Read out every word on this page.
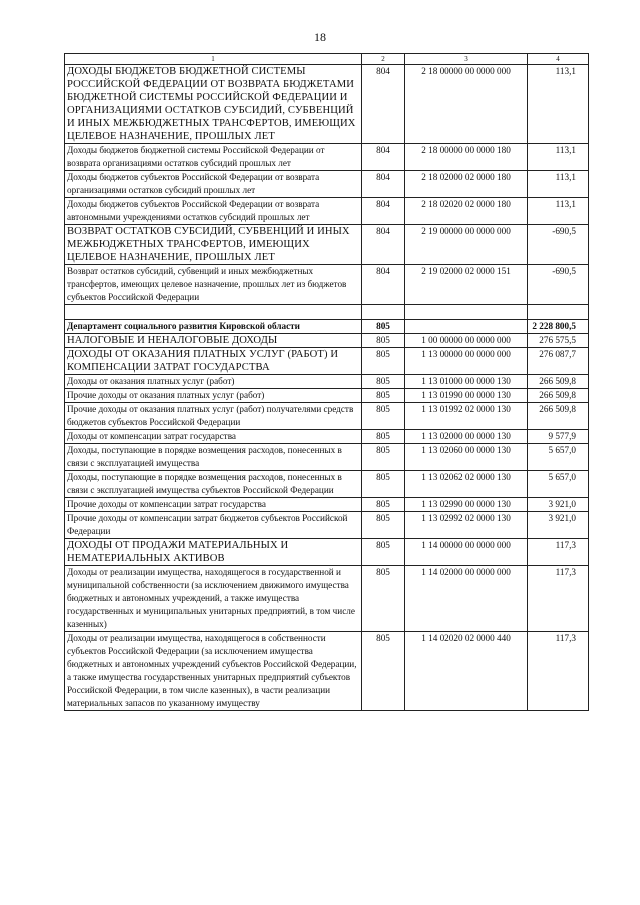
18
1	2	3	4
ДОХОДЫ БЮДЖЕТОВ БЮДЖЕТНОЙ СИСТЕМЫ РОССИЙСКОЙ ФЕДЕРАЦИИ ОТ ВОЗВРАТА БЮДЖЕТАМИ БЮДЖЕТНОЙ СИСТЕМЫ РОССИЙСКОЙ ФЕДЕРАЦИИ И ОРГАНИЗАЦИЯМИ ОСТАТКОВ СУБСИДИЙ, СУБВЕНЦИЙ И ИНЫХ МЕЖБЮДЖЕТНЫХ ТРАНСФЕРТОВ, ИМЕЮЩИХ ЦЕЛЕВОЕ НАЗНАЧЕНИЕ, ПРОШЛЫХ ЛЕТ	804	2 18 00000 00 0000 000	113,1
Доходы бюджетов бюджетной системы Российской Федерации от возврата организациями остатков субсидий прошлых лет	804	2 18 00000 00 0000 180	113,1
Доходы бюджетов субъектов Российской Федерации от возврата организациями остатков субсидий прошлых лет	804	2 18 02000 02 0000 180	113,1
Доходы бюджетов субъектов Российской Федерации от возврата автономными учреждениями остатков субсидий прошлых лет	804	2 18 02020 02 0000 180	113,1
ВОЗВРАТ ОСТАТКОВ СУБСИДИЙ, СУБВЕНЦИЙ И ИНЫХ МЕЖБЮДЖЕТНЫХ ТРАНСФЕРТОВ, ИМЕЮЩИХ ЦЕЛЕВОЕ НАЗНАЧЕНИЕ, ПРОШЛЫХ ЛЕТ	804	2 19 00000 00 0000 000	-690,5
Возврат остатков субсидий, субвенций и иных межбюджетных трансфертов, имеющих целевое назначение, прошлых лет из бюджетов субъектов Российской Федерации	804	2 19 02000 02 0000 151	-690,5

Департамент социального развития Кировской области	805		2 228 800,5
НАЛОГОВЫЕ И НЕНАЛОГОВЫЕ ДОХОДЫ	805	1 00 00000 00 0000 000	276 575,5
ДОХОДЫ ОТ ОКАЗАНИЯ ПЛАТНЫХ УСЛУГ (РАБОТ) И КОМПЕНСАЦИИ ЗАТРАТ ГОСУДАРСТВА	805	1 13 00000 00 0000 000	276 087,7
Доходы от оказания платных услуг (работ)	805	1 13 01000 00 0000 130	266 509,8
Прочие доходы от оказания платных услуг (работ)	805	1 13 01990 00 0000 130	266 509,8
Прочие доходы от оказания платных услуг (работ) получателями средств бюджетов субъектов Российской Федерации	805	1 13 01992 02 0000 130	266 509,8
Доходы от компенсации затрат государства	805	1 13 02000 00 0000 130	9 577,9
Доходы, поступающие в порядке возмещения расходов, понесенных в связи с эксплуатацией имущества	805	1 13 02060 00 0000 130	5 657,0
Доходы, поступающие в порядке возмещения расходов, понесенных в связи с эксплуатацией имущества субъектов Российской Федерации	805	1 13 02062 02 0000 130	5 657,0
Прочие доходы от компенсации затрат государства	805	1 13 02990 00 0000 130	3 921,0
Прочие доходы от компенсации затрат бюджетов субъектов Российской Федерации	805	1 13 02992 02 0000 130	3 921,0
ДОХОДЫ ОТ ПРОДАЖИ МАТЕРИАЛЬНЫХ И НЕМАТЕРИАЛЬНЫХ АКТИВОВ	805	1 14 00000 00 0000 000	117,3
Доходы от реализации имущества, находящегося в государственной и муниципальной собственности (за исключением движимого имущества бюджетных и автономных учреждений, а также имущества государственных и муниципальных унитарных предприятий, в том числе казенных)	805	1 14 02000 00 0000 000	117,3
Доходы от реализации имущества, находящегося в собственности субъектов Российской Федерации (за исключением имущества бюджетных и автономных учреждений субъектов Российской Федерации, а также имущества государственных унитарных предприятий субъектов Российской Федерации, в том числе казенных), в части реализации материальных запасов по указанному имуществу	805	1 14 02020 02 0000 440	117,3
